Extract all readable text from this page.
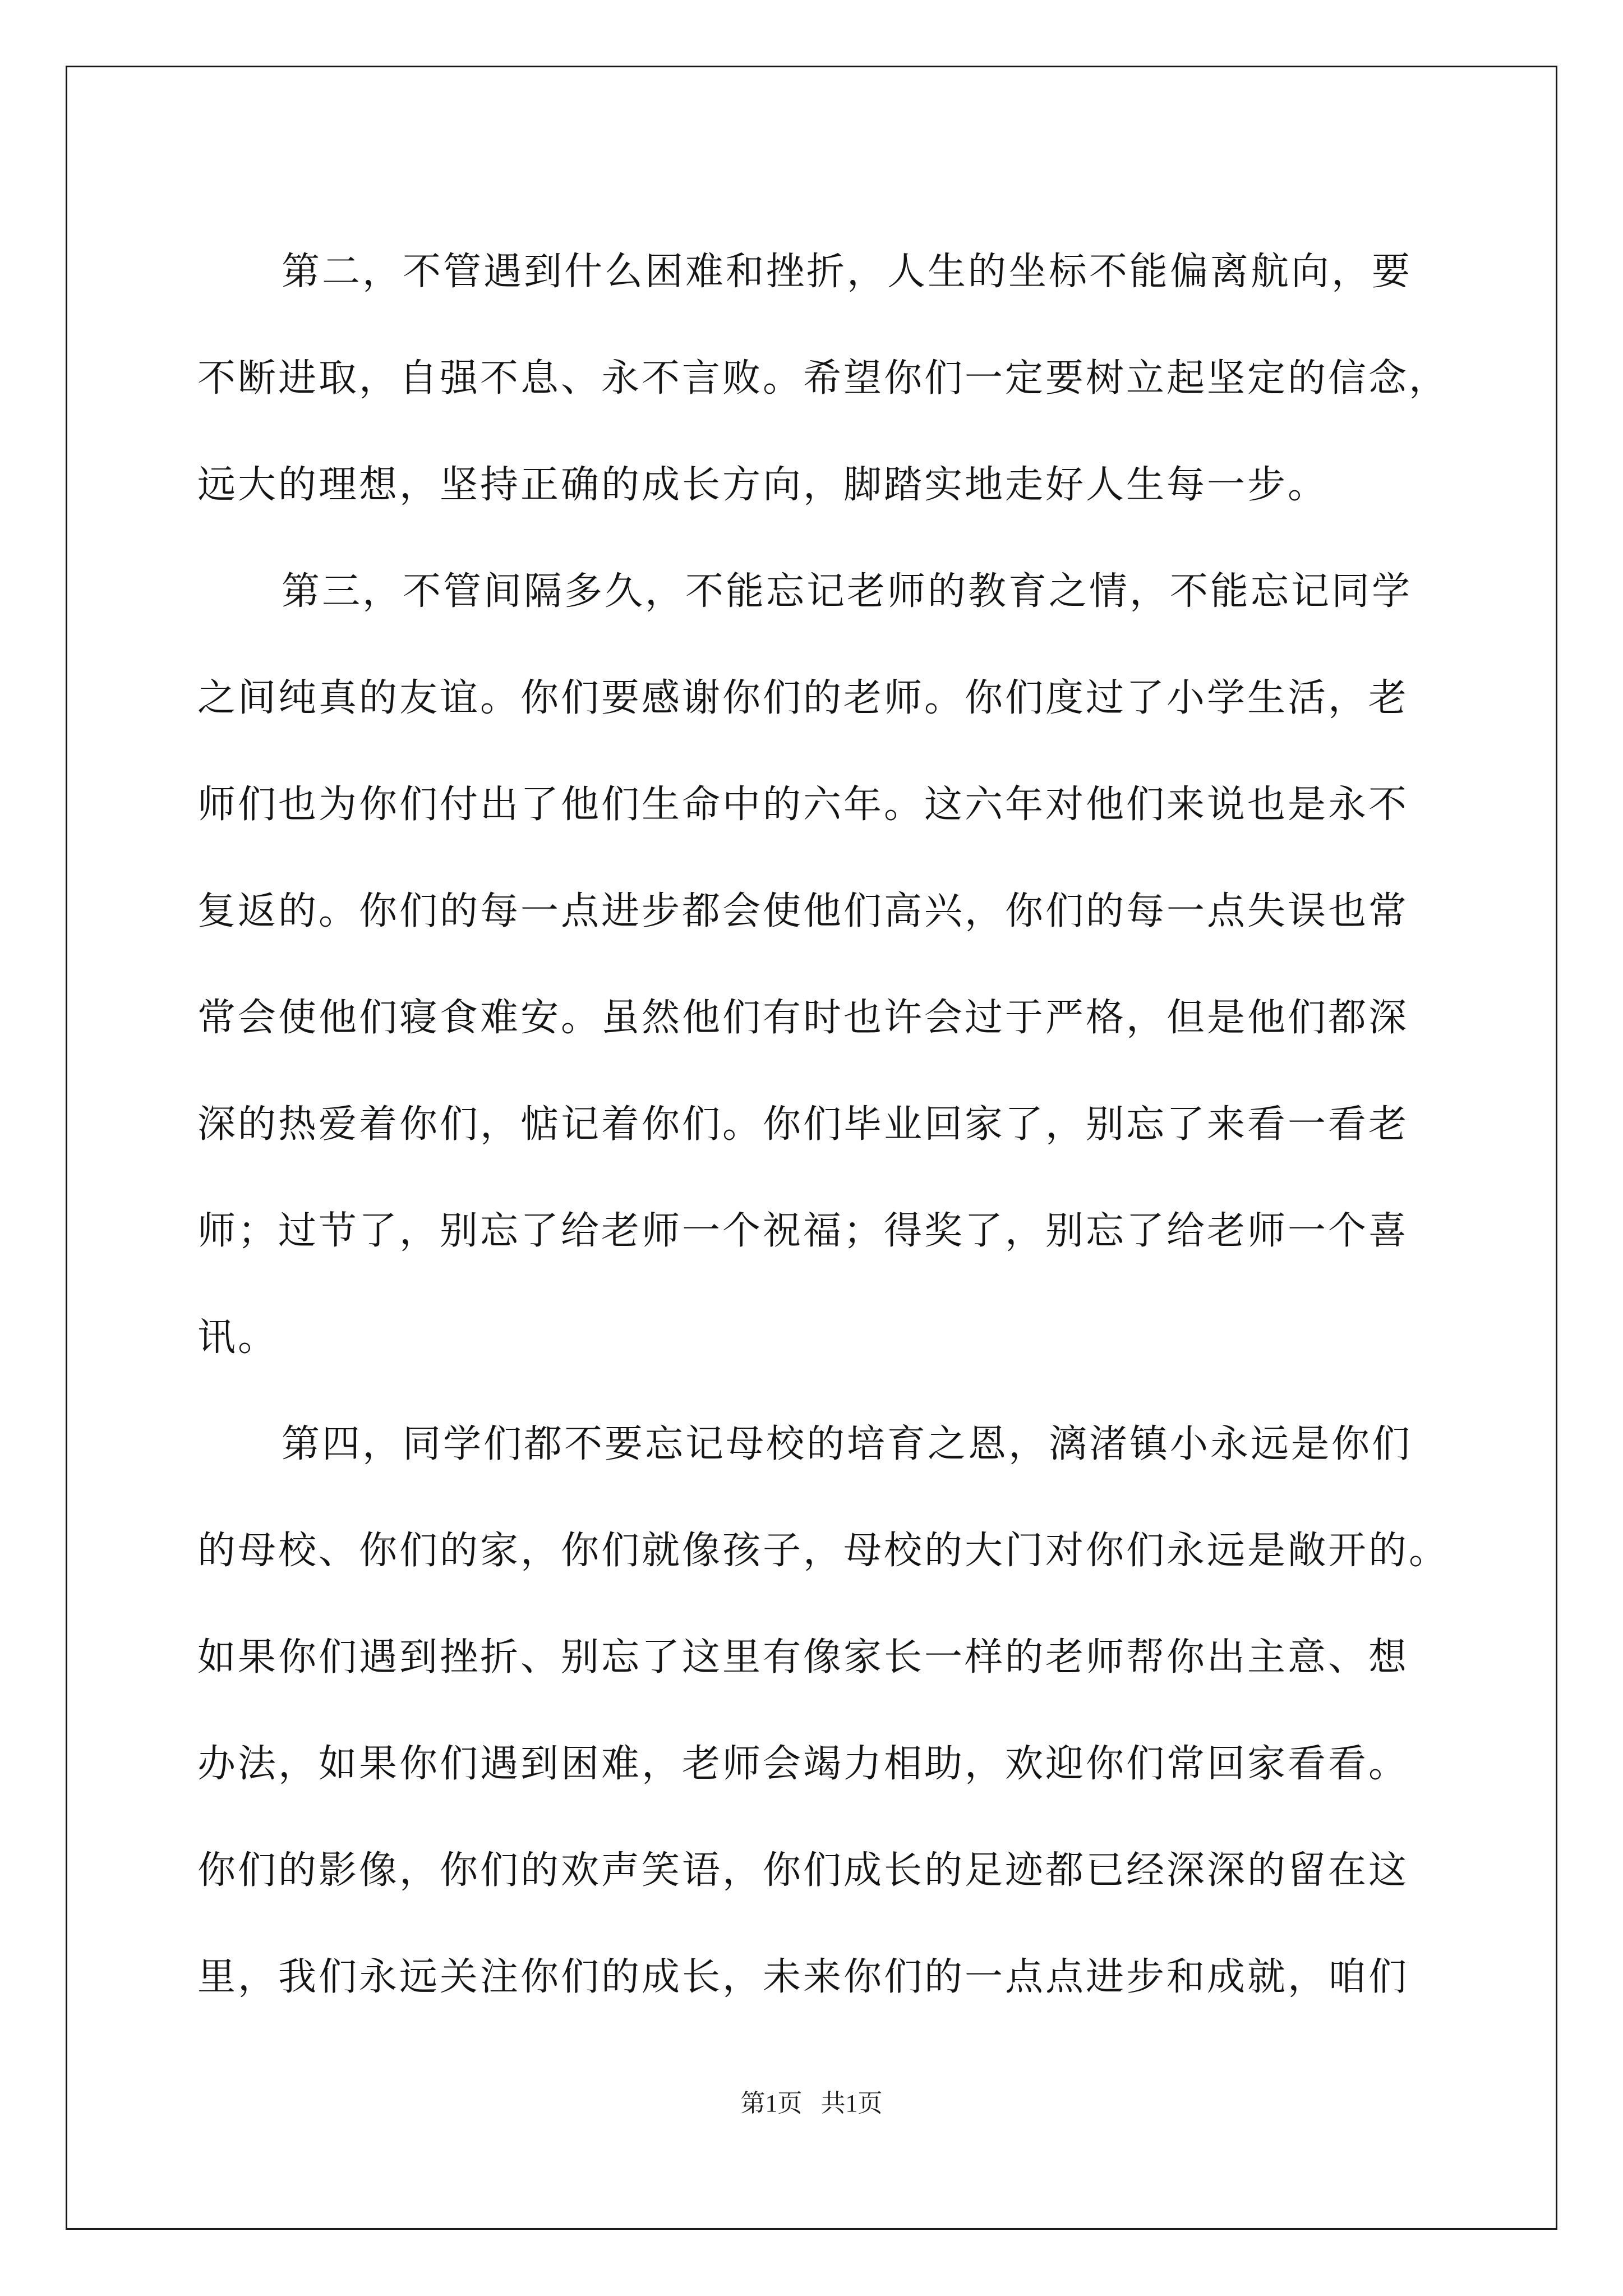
第二，不管遇到什么困难和挫折，人生的坐标不能偏离航向，要
不断进取，自强不息、永不言败。希望你们一定要树立起坚定的信念，
远大的理想，坚持正确的成长方向，脚踏实地走好人生每一步。
第三，不管间隔多久，不能忘记老师的教育之情，不能忘记同学
之间纯真的友谊。你们要感谢你们的老师。你们度过了小学生活，老
师们也为你们付出了他们生命中的六年。这六年对他们来说也是永不
复返的。你们的每一点进步都会使他们高兴，你们的每一点失误也常
常会使他们寝食难安。虽然他们有时也许会过于严格，但是他们都深
深的热爱着你们，惦记着你们。你们毕业回家了，别忘了来看一看老
师；过节了，别忘了给老师一个祝福；得奖了，别忘了给老师一个喜
讯。
第四，同学们都不要忘记母校的培育之恩，漓渚镇小永远是你们
的母校、你们的家，你们就像孩子，母校的大门对你们永远是敞开的。
如果你们遇到挫折、别忘了这里有像家长一样的老师帮你出主意、想
办法，如果你们遇到困难，老师会竭力相助，欢迎你们常回家看看。
你们的影像，你们的欢声笑语，你们成长的足迹都已经深深的留在这
里，我们永远关注你们的成长，未来你们的一点点进步和成就，咱们
第1页   共1页
